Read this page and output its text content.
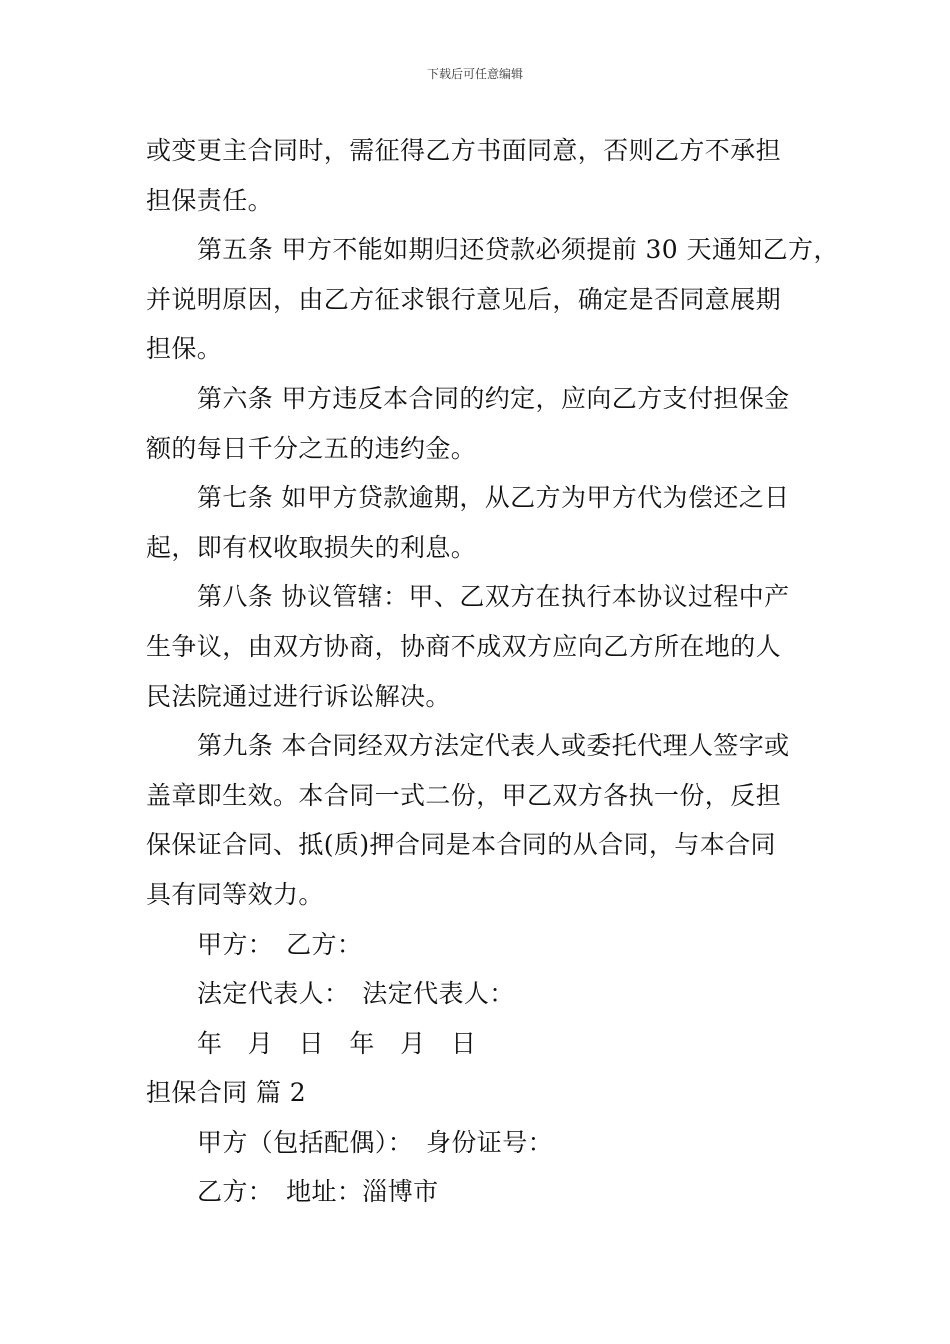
下载后可任意编辑
或变更主合同时，需征得乙方书面同意，否则乙方不承担
担保责任。
第五条 甲方不能如期归还贷款必须提前 30 天通知乙方，
并说明原因，由乙方征求银行意见后，确定是否同意展期
担保。
第六条 甲方违反本合同的约定，应向乙方支付担保金
额的每日千分之五的违约金。
第七条 如甲方贷款逾期，从乙方为甲方代为偿还之日
起，即有权收取损失的利息。
第八条 协议管辖：甲、乙双方在执行本协议过程中产
生争议，由双方协商，协商不成双方应向乙方所在地的人
民法院通过进行诉讼解决。
第九条 本合同经双方法定代表人或委托代理人签字或
盖章即生效。本合同一式二份，甲乙双方各执一份，反担
保保证合同、抵(质)押合同是本合同的从合同，与本合同
具有同等效力。
甲方：　乙方：
法定代表人：　法定代表人：
年　月　日　年　月　日
担保合同 篇 2
甲方（包括配偶）：　身份证号：
乙方：　地址：淄博市
